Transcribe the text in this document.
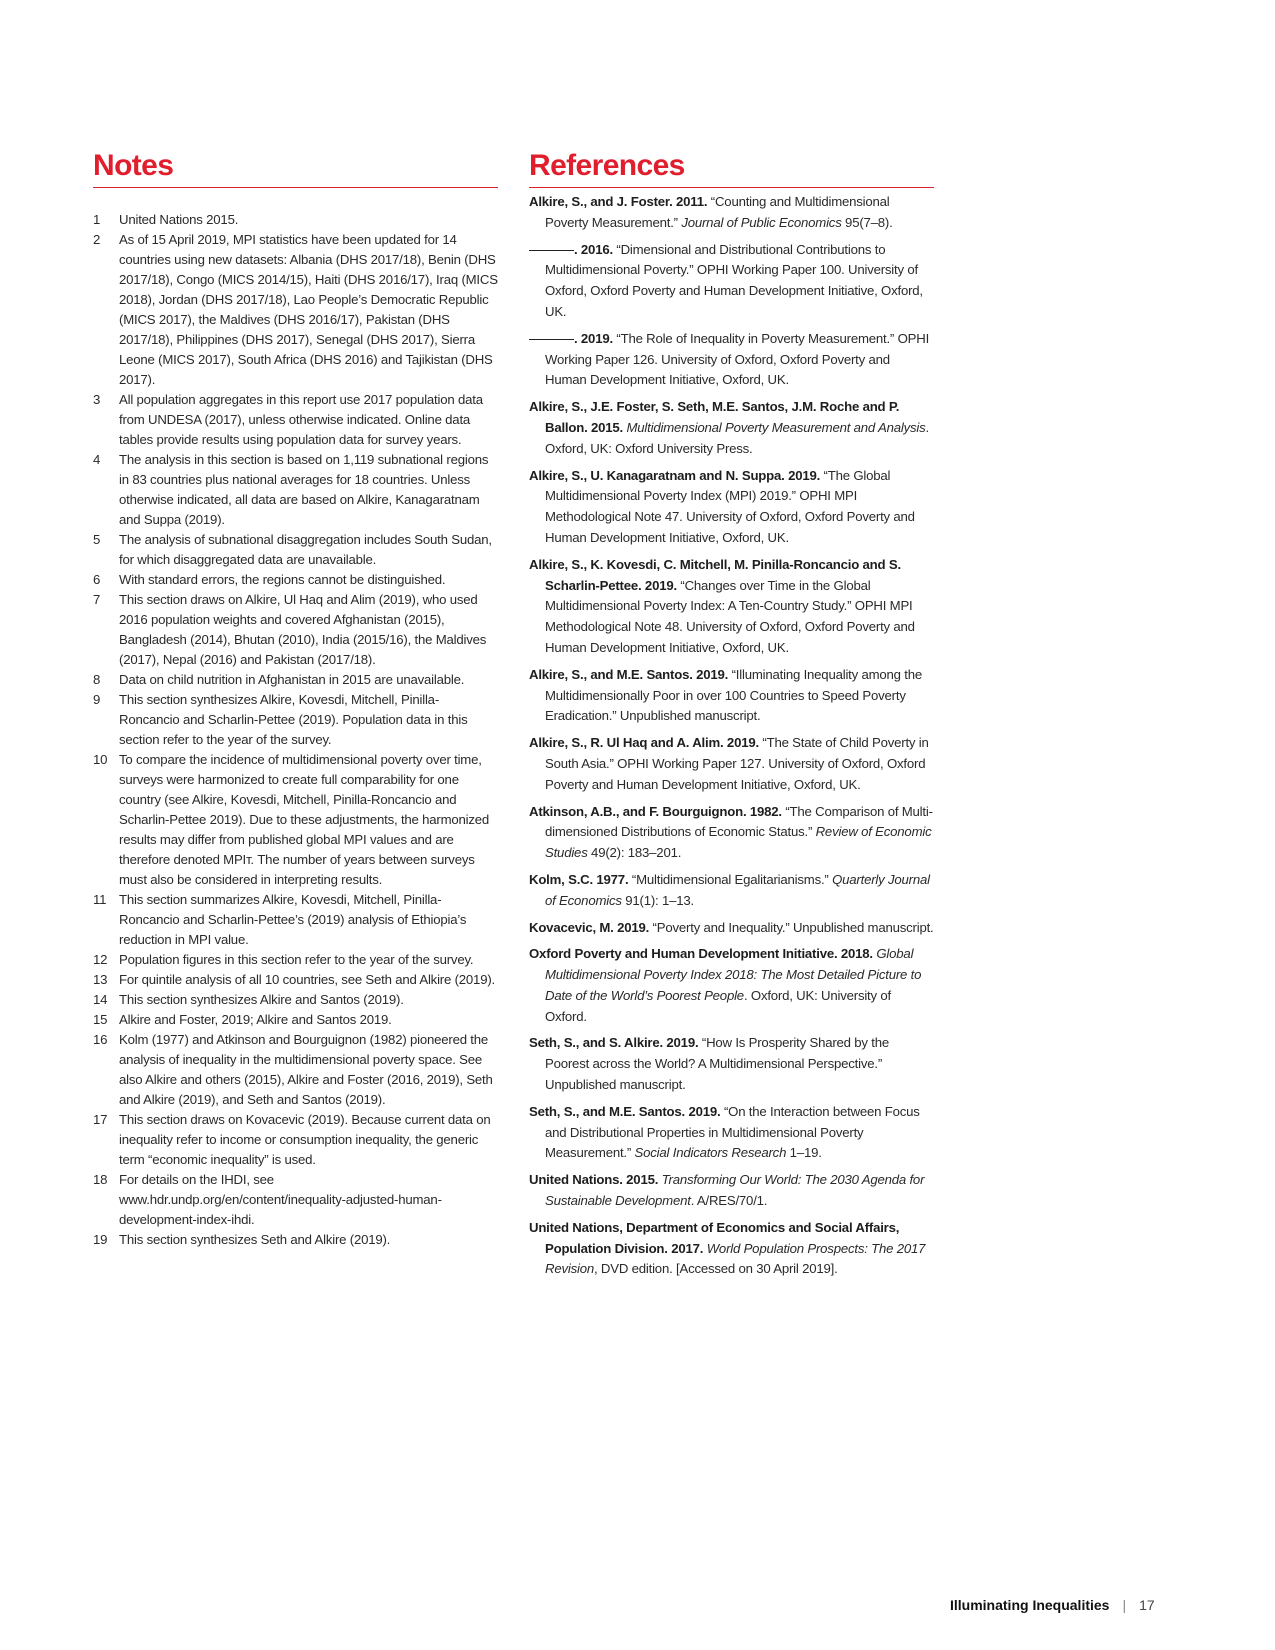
Notes
1 United Nations 2015.
2 As of 15 April 2019, MPI statistics have been updated for 14 countries using new datasets: Albania (DHS 2017/18), Benin (DHS 2017/18), Congo (MICS 2014/15), Haiti (DHS 2016/17), Iraq (MICS 2018), Jordan (DHS 2017/18), Lao People’s Democratic Republic (MICS 2017), the Maldives (DHS 2016/17), Pakistan (DHS 2017/18), Philippines (DHS 2017), Senegal (DHS 2017), Sierra Leone (MICS 2017), South Africa (DHS 2016) and Tajikistan (DHS 2017).
3 All population aggregates in this report use 2017 population data from UNDESA (2017), unless otherwise indicated. Online data tables provide results using population data for survey years.
4 The analysis in this section is based on 1,119 subnational regions in 83 countries plus national averages for 18 countries. Unless otherwise indicated, all data are based on Alkire, Kanagaratnam and Suppa (2019).
5 The analysis of subnational disaggregation includes South Sudan, for which disaggregated data are unavailable.
6 With standard errors, the regions cannot be distinguished.
7 This section draws on Alkire, Ul Haq and Alim (2019), who used 2016 population weights and covered Afghanistan (2015), Bangladesh (2014), Bhutan (2010), India (2015/16), the Maldives (2017), Nepal (2016) and Pakistan (2017/18).
8 Data on child nutrition in Afghanistan in 2015 are unavailable.
9 This section synthesizes Alkire, Kovesdi, Mitchell, Pinilla-Roncancio and Scharlin-Pettee (2019). Population data in this section refer to the year of the survey.
10 To compare the incidence of multidimensional poverty over time, surveys were harmonized to create full comparability for one country (see Alkire, Kovesdi, Mitchell, Pinilla-Roncancio and Scharlin-Pettee 2019). Due to these adjustments, the harmonized results may differ from published global MPI values and are therefore denoted MPIт. The number of years between surveys must also be considered in interpreting results.
11 This section summarizes Alkire, Kovesdi, Mitchell, Pinilla-Roncancio and Scharlin-Pettee’s (2019) analysis of Ethiopia’s reduction in MPI value.
12 Population figures in this section refer to the year of the survey.
13 For quintile analysis of all 10 countries, see Seth and Alkire (2019).
14 This section synthesizes Alkire and Santos (2019).
15 Alkire and Foster, 2019; Alkire and Santos 2019.
16 Kolm (1977) and Atkinson and Bourguignon (1982) pioneered the analysis of inequality in the multidimensional poverty space. See also Alkire and others (2015), Alkire and Foster (2016, 2019), Seth and Alkire (2019), and Seth and Santos (2019).
17 This section draws on Kovacevic (2019). Because current data on inequality refer to income or consumption inequality, the generic term “economic inequality” is used.
18 For details on the IHDI, see www.hdr.undp.org/en/content/inequality-adjusted-human-development-index-ihdi.
19 This section synthesizes Seth and Alkire (2019).
References
Alkire, S., and J. Foster. 2011. “Counting and Multidimensional Poverty Measurement.” Journal of Public Economics 95(7–8).
. 2016. “Dimensional and Distributional Contributions to Multidimensional Poverty.” OPHI Working Paper 100. University of Oxford, Oxford Poverty and Human Development Initiative, Oxford, UK.
. 2019. “The Role of Inequality in Poverty Measurement.” OPHI Working Paper 126. University of Oxford, Oxford Poverty and Human Development Initiative, Oxford, UK.
Alkire, S., J.E. Foster, S. Seth, M.E. Santos, J.M. Roche and P. Ballon. 2015. Multidimensional Poverty Measurement and Analysis. Oxford, UK: Oxford University Press.
Alkire, S., U. Kanagaratnam and N. Suppa. 2019. “The Global Multidimensional Poverty Index (MPI) 2019.” OPHI MPI Methodological Note 47. University of Oxford, Oxford Poverty and Human Development Initiative, Oxford, UK.
Alkire, S., K. Kovesdi, C. Mitchell, M. Pinilla-Roncancio and S. Scharlin-Pettee. 2019. “Changes over Time in the Global Multidimensional Poverty Index: A Ten-Country Study.” OPHI MPI Methodological Note 48. University of Oxford, Oxford Poverty and Human Development Initiative, Oxford, UK.
Alkire, S., and M.E. Santos. 2019. “Illuminating Inequality among the Multidimensionally Poor in over 100 Countries to Speed Poverty Eradication.” Unpublished manuscript.
Alkire, S., R. Ul Haq and A. Alim. 2019. “The State of Child Poverty in South Asia.” OPHI Working Paper 127. University of Oxford, Oxford Poverty and Human Development Initiative, Oxford, UK.
Atkinson, A.B., and F. Bourguignon. 1982. “The Comparison of Multi-dimensioned Distributions of Economic Status.” Review of Economic Studies 49(2): 183–201.
Kolm, S.C. 1977. “Multidimensional Egalitarianisms.” Quarterly Journal of Economics 91(1): 1–13.
Kovacevic, M. 2019. “Poverty and Inequality.” Unpublished manuscript.
Oxford Poverty and Human Development Initiative. 2018. Global Multidimensional Poverty Index 2018: The Most Detailed Picture to Date of the World’s Poorest People. Oxford, UK: University of Oxford.
Seth, S., and S. Alkire. 2019. “How Is Prosperity Shared by the Poorest across the World? A Multidimensional Perspective.” Unpublished manuscript.
Seth, S., and M.E. Santos. 2019. “On the Interaction between Focus and Distributional Properties in Multidimensional Poverty Measurement.” Social Indicators Research 1–19.
United Nations. 2015. Transforming Our World: The 2030 Agenda for Sustainable Development. A/RES/70/1.
United Nations, Department of Economics and Social Affairs, Population Division. 2017. World Population Prospects: The 2017 Revision, DVD edition. [Accessed on 30 April 2019].
Illuminating Inequalities | 17
